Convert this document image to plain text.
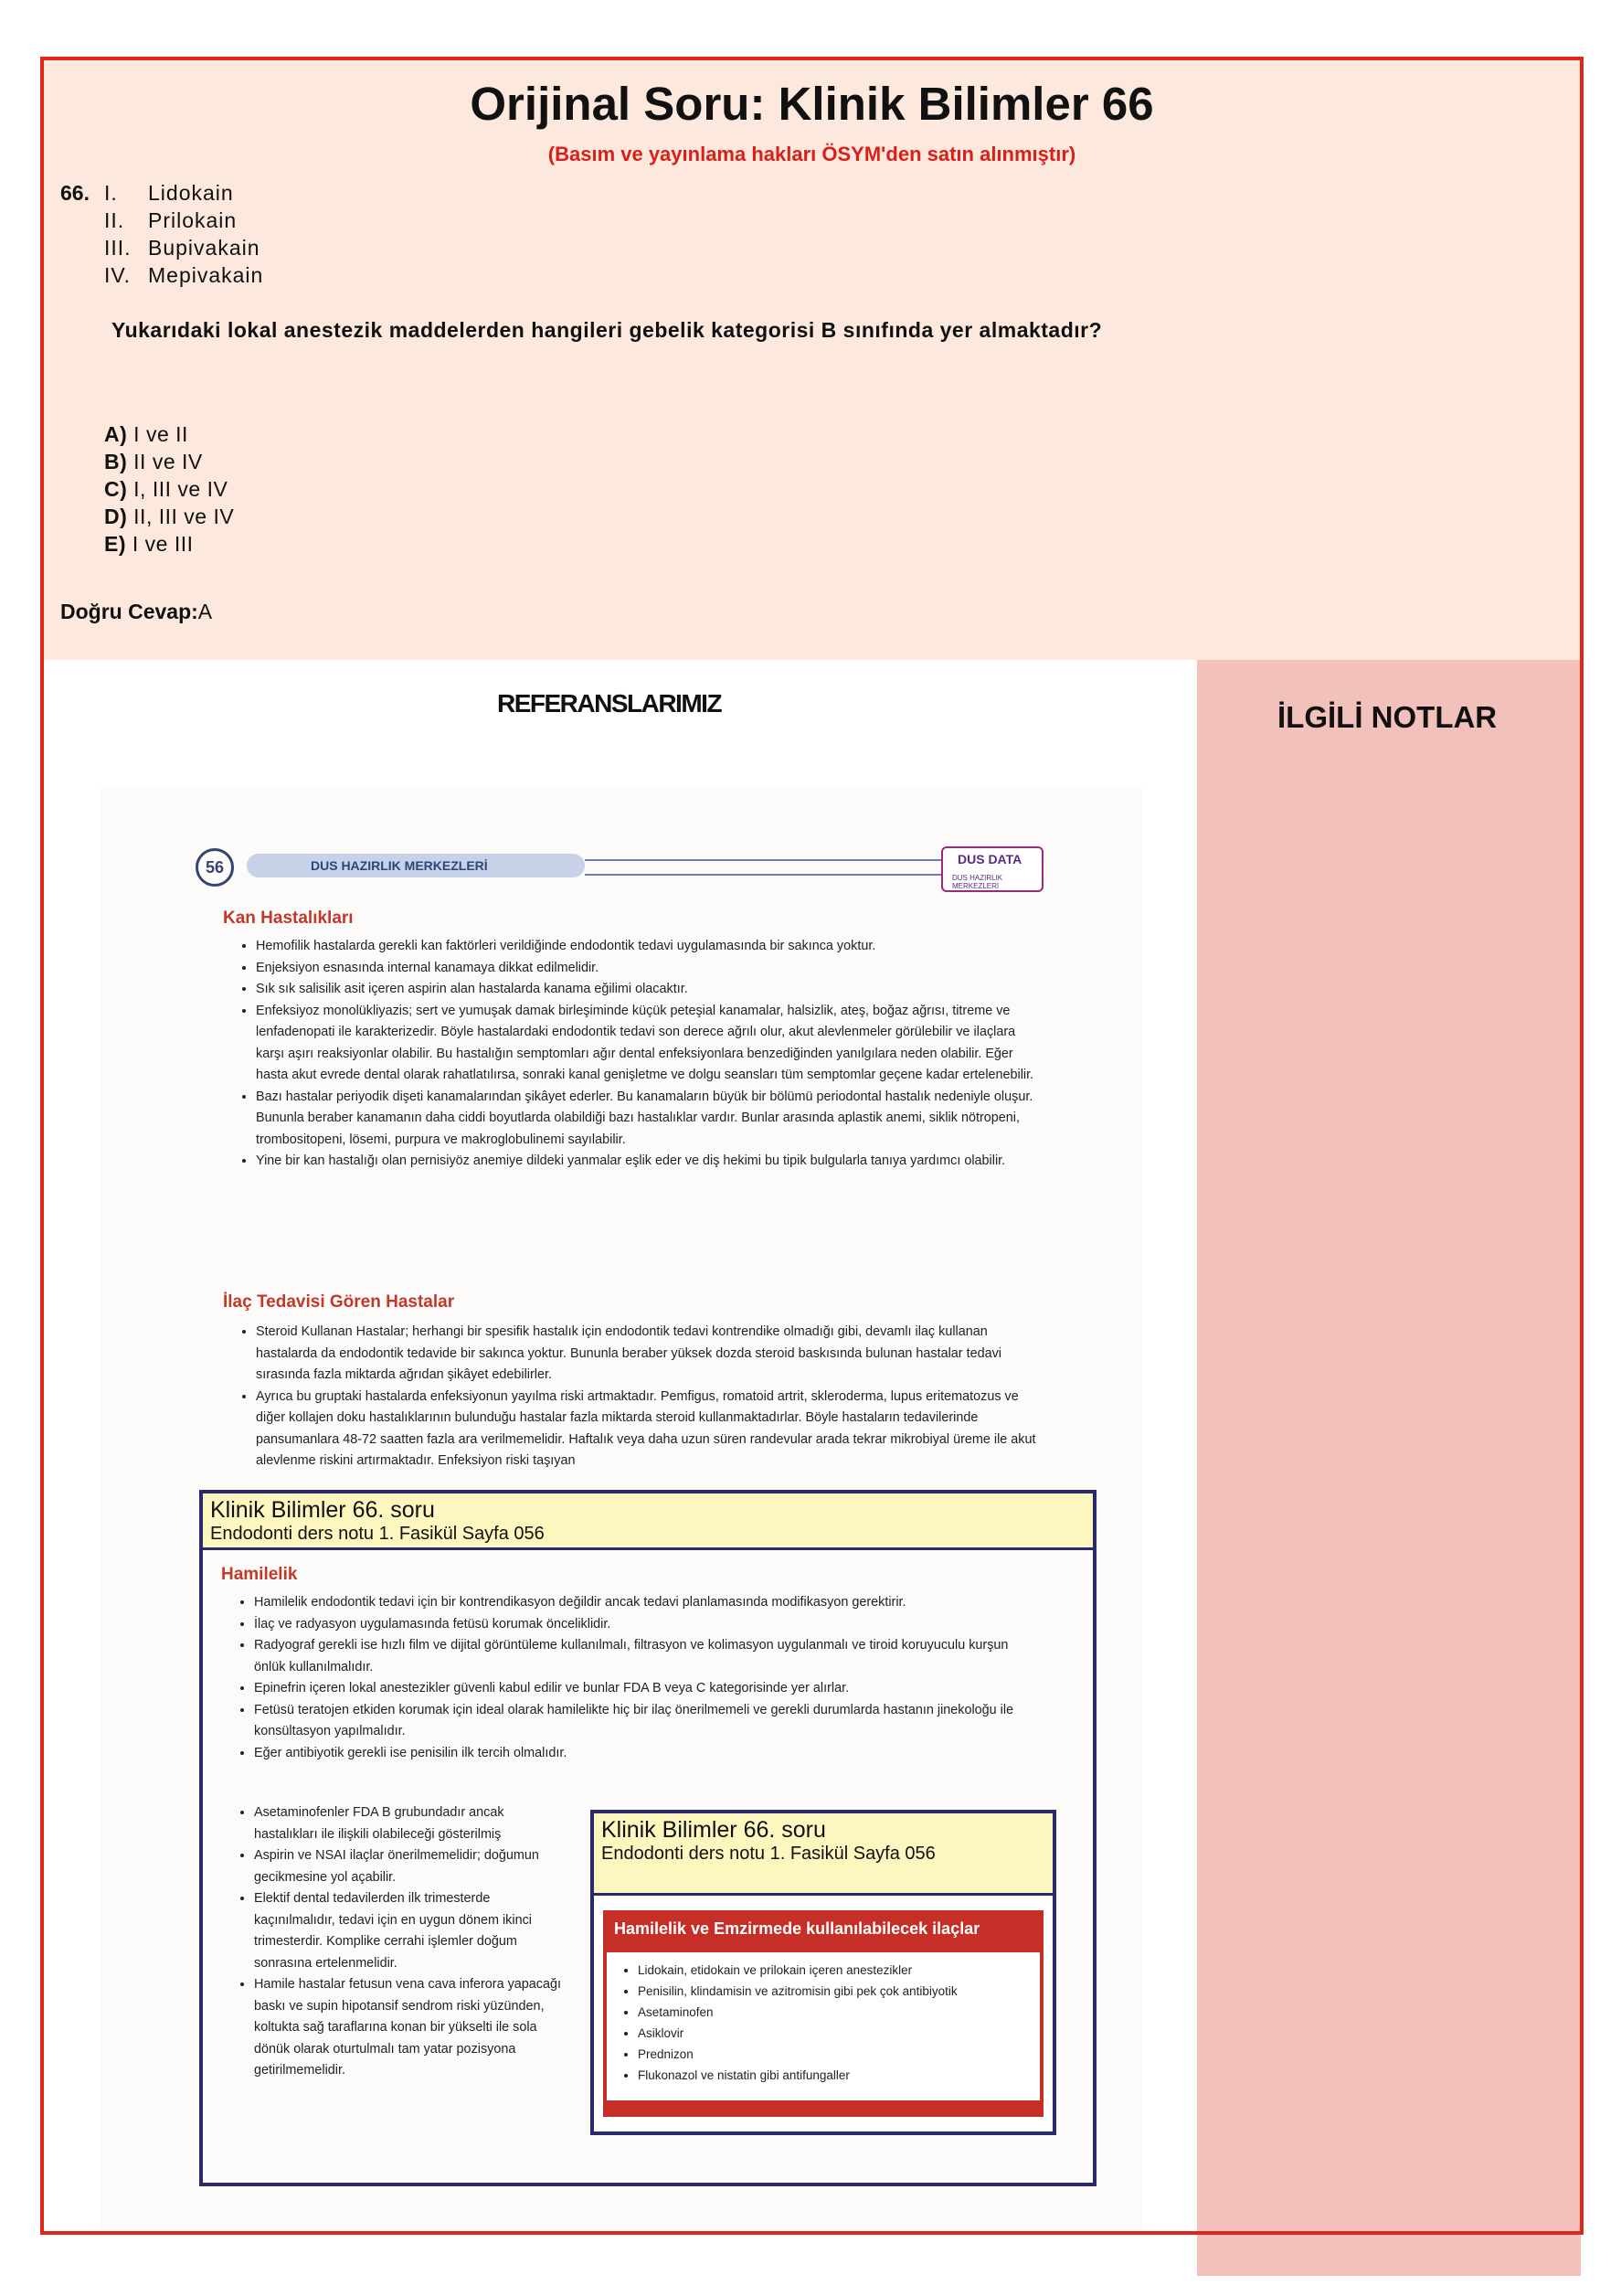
Orijinal Soru: Klinik Bilimler 66
(Basım ve yayınlama hakları ÖSYM'den satın alınmıştır)
66. I. Lidokain
II. Prilokain
III. Bupivakain
IV. Mepivakain
Yukarıdaki lokal anestezik maddelerden hangileri gebelik kategorisi B sınıfında yer almaktadır?
A) I ve II
B) II ve IV
C) I, III ve IV
D) II, III ve IV
E) I ve III
Doğru Cevap:A
REFERANSLARIMIZ	İLGİLİ NOTLAR
56	DUS HAZIRLIK MERKEZLERİ	DUS DATA
DUS HAZIRLIK MERKEZLERİ
Kan Hastalıkları
• Hemofilik hastalarda gerekli kan faktörleri verildiğinde endodontik tedavi uygulamasında bir sakınca yoktur.
• Enjeksiyon esnasında internal kanamaya dikkat edilmelidir.
• Sık sık salisilik asit içeren aspirin alan hastalarda kanama eğilimi olacaktır.
• Enfeksiyoz monolükliyazis; sert ve yumuşak damak birleşiminde küçük peteşial kanamalar, halsizlik, ateş, boğaz ağrısı, titreme ve lenfadenopati ile karakterizedir. Böyle hastalardaki endodontik tedavi son derece ağrılı olur, akut alevlenmeler görülebilir ve ilaçlara karşı aşırı reaksiyonlar olabilir. Bu hastalığın semptomları ağır dental enfeksiyonlara benzediğinden yanılgılara neden olabilir. Eğer hasta akut evrede dental olarak rahatlatılırsa, sonraki kanal genişletme ve dolgu seansları tüm semptomlar geçene kadar ertelenebilir.
• Bazı hastalar periyodik dişeti kanamalarından şikâyet ederler. Bu kanamaların büyük bir bölümü periodontal hastalık nedeniyle oluşur. Bununla beraber kanamanın daha ciddi boyutlarda olabildiği bazı hastalıklar vardır. Bunlar arasında aplastik anemi, siklik nötropeni, trombositopeni, lösemi, purpura ve makroglobulinemi sayılabilir.
• Yine bir kan hastalığı olan pernisiyöz anemiye dildeki yanmalar eşlik eder ve diş hekimi bu tipik bulgularla tanıya yardımcı olabilir.
İlaç Tedavisi Gören Hastalar
• Steroid Kullanan Hastalar; herhangi bir spesifik hastalık için endodontik tedavi kontrendike olmadığı gibi, devamlı ilaç kullanan hastalarda da endodontik tedavide bir sakınca yoktur. Bununla beraber yüksek dozda steroid baskısında bulunan hastalar tedavi sırasında fazla miktarda ağrıdan şikâyet edebilirler.
• Ayrıca bu gruptaki hastalarda enfeksiyonun yayılma riski artmaktadır. Pemfigus, romatoid artrit, skleroderma, lupus eritematozus ve diğer kollajen doku hastalıklarının bulunduğu hastalar fazla miktarda steroid kullanmaktadırlar. Böyle hastaların tedavilerinde pansumanlara 48-72 saatten fazla ara verilmemelidir. Haftalık veya daha uzun süren randevular arada tekrar mikrobiyal üreme ile akut alevlenme riskini artırmaktadır. Enfeksiyon riski taşıyan
Klinik Bilimler 66. soru
Endodonti ders notu 1. Fasikül Sayfa 056
Hamilelik
• Hamilelik endodontik tedavi için bir kontrendikasyon değildir ancak tedavi planlamasında modifikasyon gerektirir.
• İlaç ve radyasyon uygulamasında fetüsü korumak önceliklidir.
• Radyograf gerekli ise hızlı film ve dijital görüntüleme kullanılmalı, filtrasyon ve kolimasyon uygulanmalı ve tiroid koruyuculu kurşun önlük kullanılmalıdır.
• Epinefrin içeren lokal anestezikler güvenli kabul edilir ve bunlar FDA B veya C kategorisinde yer alırlar.
• Fetüsü teratojen etkiden korumak için ideal olarak hamilelikte hiç bir ilaç önerilmemeli ve gerekli durumlarda hastanın jinekoloğu ile konsültasyon yapılmalıdır.
• Eğer antibiyotik gerekli ise penisilin ilk tercih olmalıdır.
• Asetaminofenler FDA B grubundadır ancak hastalıkları ile ilişkili olabileceği gösterilmiş
• Aspirin ve NSAI ilaçlar önerilmemelidir; doğumun gecikmesine yol açabilir.
• Elektif dental tedavilerden ilk trimesterde kaçınılmalıdır, tedavi için en uygun dönem ikinci trimesterdir. Komplike cerrahi işlemler doğum sonrasına ertelenmelidir.
• Hamile hastalar fetusun vena cava inferora yapacağı baskı ve supin hipotansif sendrom riski yüzünden, koltukta sağ taraflarına konan bir yükselti ile sola dönük olarak oturtulmalı tam yatar pozisyona getirilmemelidir.
Klinik Bilimler 66. soru
Endodonti ders notu 1. Fasikül Sayfa 056
Hamilelik ve Emzirmede kullanılabilecek ilaçlar
• Lidokain, etidokain ve prilokain içeren anestezikler
• Penisilin, klindamisin ve azitromisin gibi pek çok antibiyotik
• Asetaminofen
• Asiklovir
• Prednizon
• Flukonazol ve nistatin gibi antifungaller
